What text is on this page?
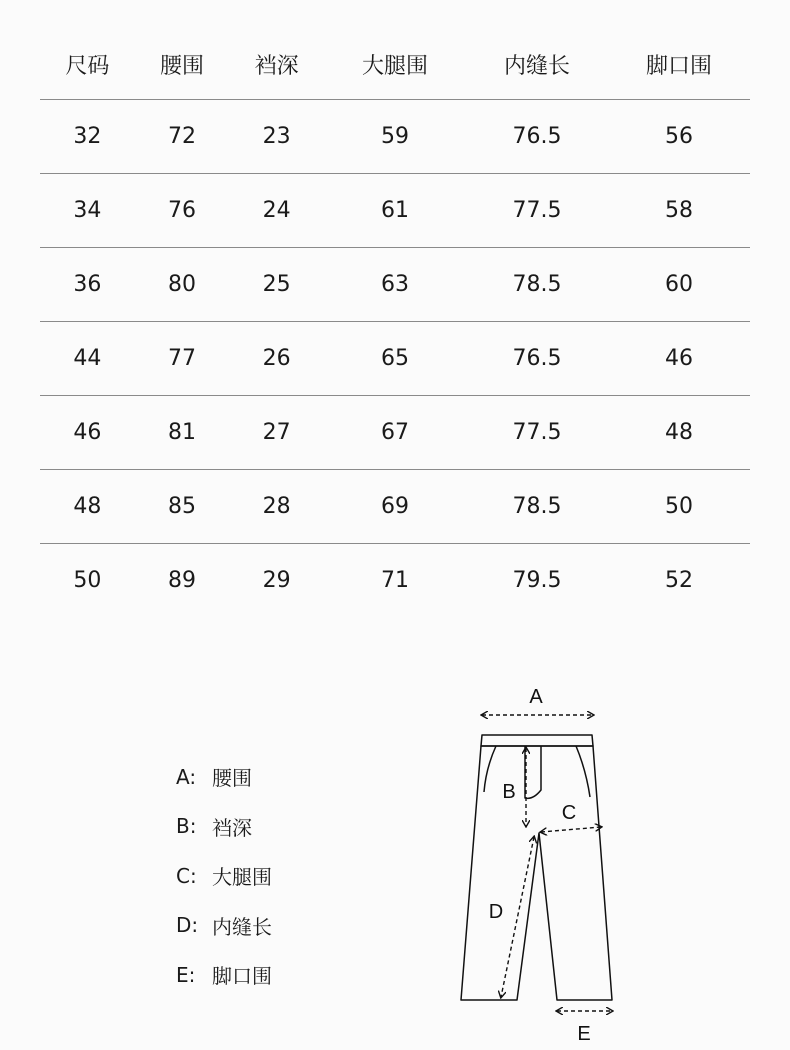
尺码	腰围	裆深	大腿围	内缝长	脚口围
32	72	23	59	76.5	56
34	76	24	61	77.5	58
36	80	25	63	78.5	60
44	77	26	65	76.5	46
46	81	27	67	77.5	48
48	85	28	69	78.5	50
50	89	29	71	79.5	52
A: 腰围
B: 裆深
C: 大腿围
D: 内缝长
E: 脚口围
A
B
C
D
E
